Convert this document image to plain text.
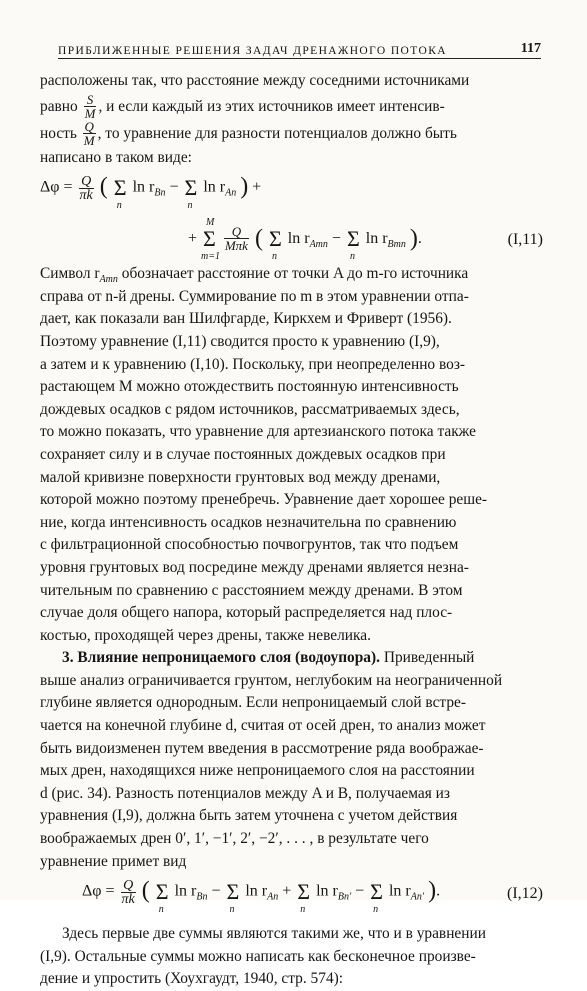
ПРИБЛИЖЕННЫЕ РЕШЕНИЯ ЗАДАЧ ДРЕНАЖНОГО ПОТОКА	117

расположены так, что расстояние между соседними источниками

равно $\frac{S}{M}$ , и если каждый из этих источников имеет интенсив-

ность $\frac{Q}{M}$ , то уравнение для разности потенциалов должно быть

написано в таком виде:

$\Delta\varphi = \frac{Q}{\pi k}$ ( Σ
n
$\ln r_{Bn} - \Sigma$
n
$\ln r_{An}$ ) +
+ Σ
M
m=1

$\frac{Q}{\text{Mπk}}$ ( Σ
n
$\ln r_{Amn} - \Sigma$
n
$\ln r_{Bmn}$ ).	(I,11)

Символ $r_{Amn}$ обозначает расстояние от точки A до m-го источника

справа от n-й дрены. Суммирование по m в этом уравнении отпа-

дает, как показали ван Шилфгарде, Киркхем и Фриверт (1956).

Поэтому уравнение (I,11) сводится просто к уравнению (I,9),

а затем и к уравнению (I,10). Поскольку, при неопределенно воз-

растающем M можно отождествить постоянную интенсивность

дождевых осадков с рядом источников, рассматриваемых здесь,

то можно показать, что уравнение для артезианского потока также

сохраняет силу и в случае постоянных дождевых осадков при

малой кривизне поверхности грунтовых вод между дренами,

которой можно поэтому пренебречь. Уравнение дает хорошее реше-

ние, когда интенсивность осадков незначительна по сравнению

с фильтрационной способностью почвогрунтов, так что подъем

уровня грунтовых вод посредине между дренами является незна-

чительным по сравнению с расстоянием между дренами. В этом

случае доля общего напора, который распределяется над плос-

костью, проходящей через дрены, также невелика.

3. Влияние непроницаемого слоя (водоупора). Приведенный

выше анализ ограничивается грунтом, неглубоким на неограниченной

глубине является однородным. Если непроницаемый слой встре-

чается на конечной глубине d, считая от осей дрен, то анализ может

быть видоизменен путем введения в рассмотрение ряда воображае-

мых дрен, находящихся ниже непроницаемого слоя на расстоянии

d (рис. 34). Разность потенциалов между A и B, получаемая из

уравнения (I,9), должна быть затем уточнена с учетом действия

воображаемых дрен 0′, 1′, −1′, 2′, −2′, . . . , в результате чего

уравнение примет вид

$\Delta\varphi = \frac{Q}{\pi k}$ ( Σ
n
$\ln r_{Bn} - \Sigma$
n
$\ln r_{An} + \Sigma$
n
$\ln r_{Bn'} - \Sigma$
n
$\ln r_{An'}$ ).	(I,12)

Здесь первые две суммы являются такими же, что и в уравнении

(I,9). Остальные суммы можно написать как бесконечное произве-

дение и упростить (Хоухгаудт, 1940, стр. 574):
